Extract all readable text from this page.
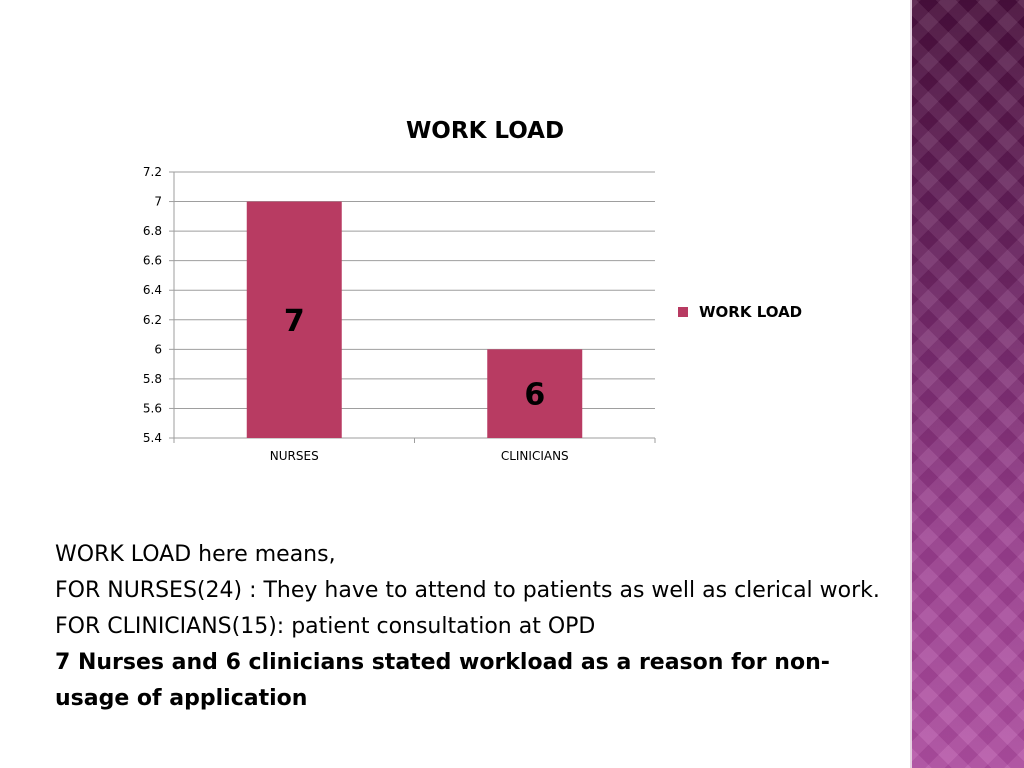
WORK LOAD
5.4
5.6
5.8
6
6.2
6.4
6.6
6.8
7
7.2
7
NURSES
6
CLINICIANS
WORK LOAD

WORK LOAD here means,

FOR NURSES(24) : They have to attend to patients as well as clerical work.

FOR CLINICIANS(15): patient consultation at OPD

7 Nurses and 6 clinicians stated workload as a reason for non-usage of application
